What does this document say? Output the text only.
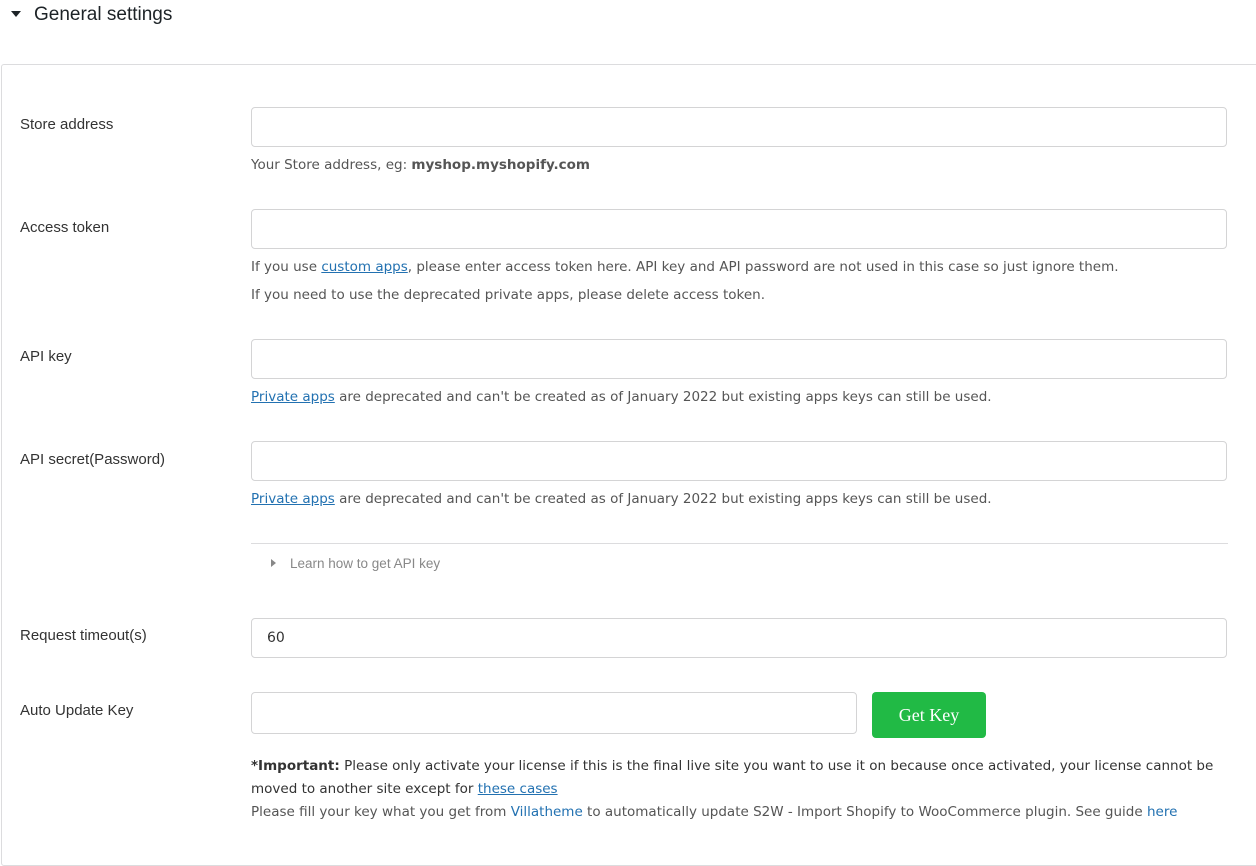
General settings
Store address
Your Store address, eg: myshop.myshopify.com
Access token
If you use custom apps, please enter access token here. API key and API password are not used in this case so just ignore them.
If you need to use the deprecated private apps, please delete access token.
API key
Private apps are deprecated and can't be created as of January 2022 but existing apps keys can still be used.
API secret(Password)
Private apps are deprecated and can't be created as of January 2022 but existing apps keys can still be used.
Learn how to get API key
Request timeout(s)
60
Auto Update Key	Get Key
*Important: Please only activate your license if this is the final live site you want to use it on because once activated, your license cannot be moved to another site except for these cases
Please fill your key what you get from Villatheme to automatically update S2W - Import Shopify to WooCommerce plugin. See guide here
